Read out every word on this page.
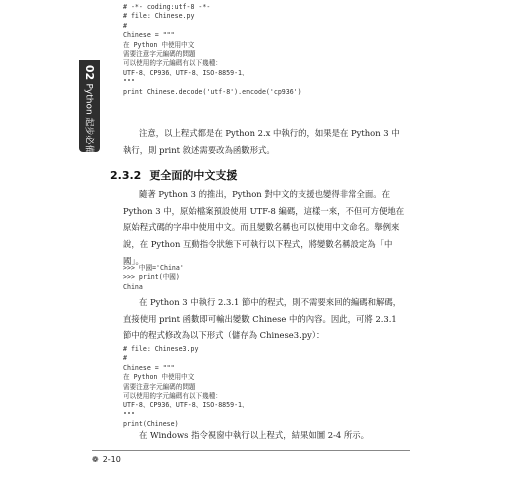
02
Python 起步必備
# -*- coding:utf-8 -*-
# file: Chinese.py
#
Chinese = """
在 Python 中使用中文
需要注意字元編碼的問題
可以使用的字元編碼有以下幾種：
UTF-8、CP936、UTF-8、ISO-8859-1、
"""
print Chinese.decode('utf-8').encode('cp936')

注意，以上程式都是在 Python 2.x 中執行的，如果是在 Python 3 中執行，則 print 敘述需要改為函數形式。

2.3.2 更全面的中文支援

隨著 Python 3 的推出，Python 對中文的支援也變得非常全面。在 Python 3 中，原始檔案預設使用 UTF-8 編碼，這樣一來，不但可方便地在原始程式碼的字串中使用中文。而且變數名稱也可以使用中文命名。舉例來說，在 Python 互動指令狀態下可執行以下程式，將變數名稱設定為「中國」。

>>> 中國='China'
>>> print(中國)
China

在 Python 3 中執行 2.3.1 節中的程式，則不需要來回的編碼和解碼，直接使用 print 函數即可輸出變數 Chinese 中的內容。因此，可將 2.3.1 節中的程式修改為以下形式（儲存為 Chinese3.py）：

# file: Chinese3.py
#
Chinese = """
在 Python 中使用中文
需要注意字元編碼的問題
可以使用的字元編碼有以下幾種：
UTF-8、CP936、UTF-8、ISO-8859-1、
"""
print(Chinese)

在 Windows 指令視窗中執行以上程式，結果如圖 2-4 所示。

❁ 2-10
